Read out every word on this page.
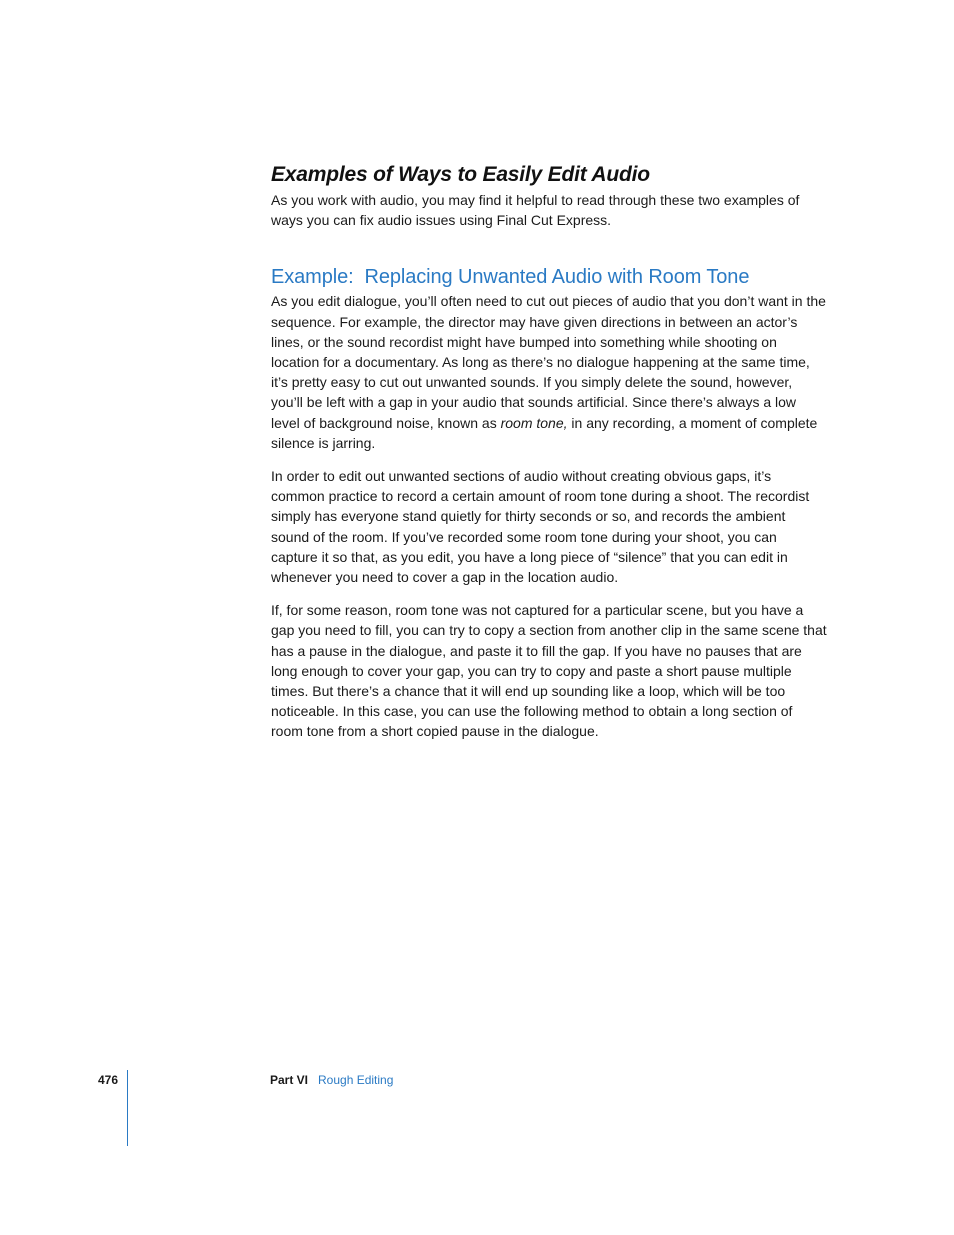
Examples of Ways to Easily Edit Audio

As you work with audio, you may find it helpful to read through these two examples of ways you can fix audio issues using Final Cut Express.

Example:  Replacing Unwanted Audio with Room Tone

As you edit dialogue, you’ll often need to cut out pieces of audio that you don’t want in the sequence. For example, the director may have given directions in between an actor’s lines, or the sound recordist might have bumped into something while shooting on location for a documentary. As long as there’s no dialogue happening at the same time, it’s pretty easy to cut out unwanted sounds. If you simply delete the sound, however, you’ll be left with a gap in your audio that sounds artificial. Since there’s always a low level of background noise, known as room tone, in any recording, a moment of complete silence is jarring.

In order to edit out unwanted sections of audio without creating obvious gaps, it’s common practice to record a certain amount of room tone during a shoot. The recordist simply has everyone stand quietly for thirty seconds or so, and records the ambient sound of the room. If you’ve recorded some room tone during your shoot, you can capture it so that, as you edit, you have a long piece of “silence” that you can edit in whenever you need to cover a gap in the location audio.

If, for some reason, room tone was not captured for a particular scene, but you have a gap you need to fill, you can try to copy a section from another clip in the same scene that has a pause in the dialogue, and paste it to fill the gap. If you have no pauses that are long enough to cover your gap, you can try to copy and paste a short pause multiple times. But there’s a chance that it will end up sounding like a loop, which will be too noticeable. In this case, you can use the following method to obtain a long section of room tone from a short copied pause in the dialogue.

476	Part VI Rough Editing
